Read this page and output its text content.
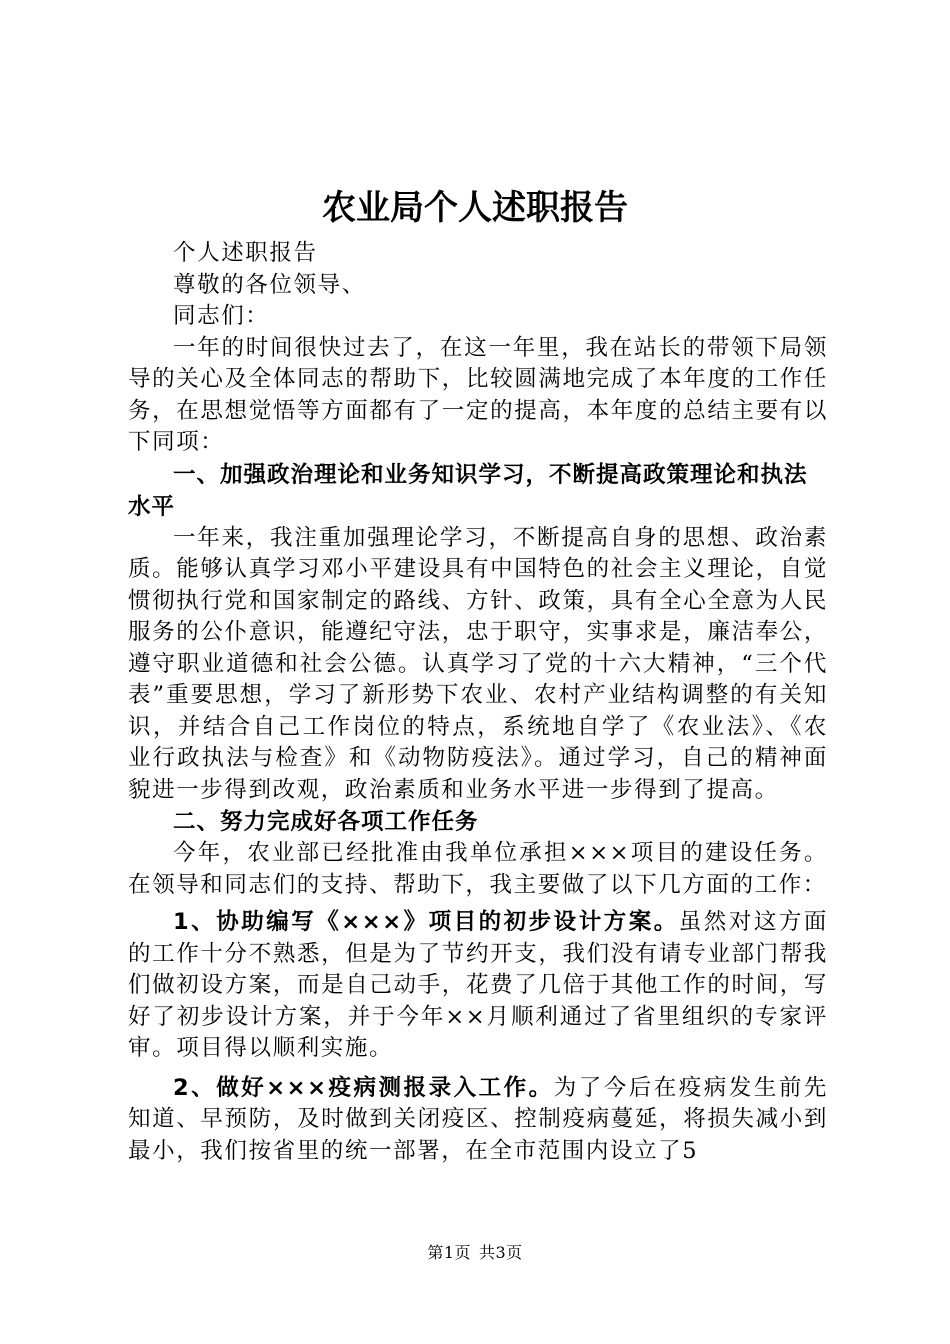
农业局个人述职报告

个人述职报告

尊敬的各位领导、

同志们：

一年的时间很快过去了，在这一年里，我在站长的带领下局领导的关心及全体同志的帮助下，比较圆满地完成了本年度的工作任务，在思想觉悟等方面都有了一定的提高，本年度的总结主要有以下同项：

一、加强政治理论和业务知识学习，不断提高政策理论和执法水平

一年来，我注重加强理论学习，不断提高自身的思想、政治素质。能够认真学习邓小平建设具有中国特色的社会主义理论，自觉惯彻执行党和国家制定的路线、方针、政策，具有全心全意为人民服务的公仆意识，能遵纪守法，忠于职守，实事求是，廉洁奉公，遵守职业道德和社会公德。认真学习了党的十六大精神，“三个代表”重要思想，学习了新形势下农业、农村产业结构调整的有关知识，并结合自己工作岗位的特点，系统地自学了《农业法》、《农业行政执法与检查》和《动物防疫法》。通过学习，自己的精神面貌进一步得到改观，政治素质和业务水平进一步得到了提高。

二、努力完成好各项工作任务

今年，农业部已经批准由我单位承担×××项目的建设任务。在领导和同志们的支持、帮助下，我主要做了以下几方面的工作：

1、协助编写《×××》项目的初步设计方案。虽然对这方面的工作十分不熟悉，但是为了节约开支，我们没有请专业部门帮我们做初设方案，而是自己动手，花费了几倍于其他工作的时间，写好了初步设计方案，并于今年××月顺利通过了省里组织的专家评审。项目得以顺利实施。

2、做好×××疫病测报录入工作。为了今后在疫病发生前先知道、早预防，及时做到关闭疫区、控制疫病蔓延，将损失减小到最小，我们按省里的统一部署，在全市范围内设立了5

第1页 共3页
